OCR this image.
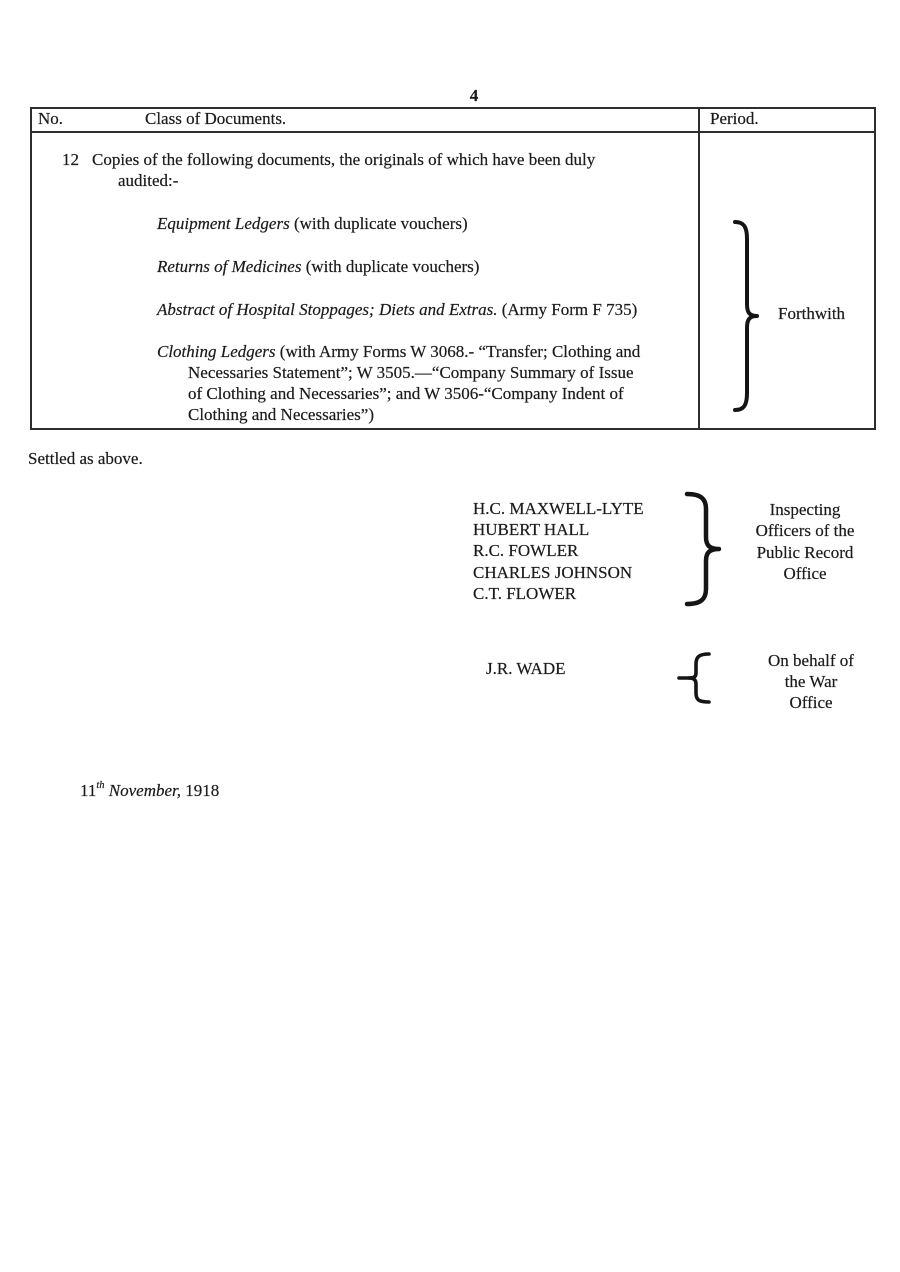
4
No.	Class of Documents.	Period.
12 Copies of the following documents, the originals of which have been duly
audited:-
Equipment Ledgers (with duplicate vouchers)
Returns of Medicines (with duplicate vouchers)
Abstract of Hospital Stoppages; Diets and Extras. (Army Form F 735)
Clothing Ledgers (with Army Forms W 3068.- “Transfer; Clothing and
Necessaries Statement”; W 3505.—“Company Summary of Issue
of Clothing and Necessaries”; and W 3506-“Company Indent of
Clothing and Necessaries”)
Forthwith
Settled as above.
H.C. MAXWELL-LYTE
HUBERT HALL
R.C. FOWLER
CHARLES JOHNSON
C.T. FLOWER
Inspecting
Officers of the
Public Record
Office
J.R. WADE	On behalf of
the War
Office
11th November, 1918
